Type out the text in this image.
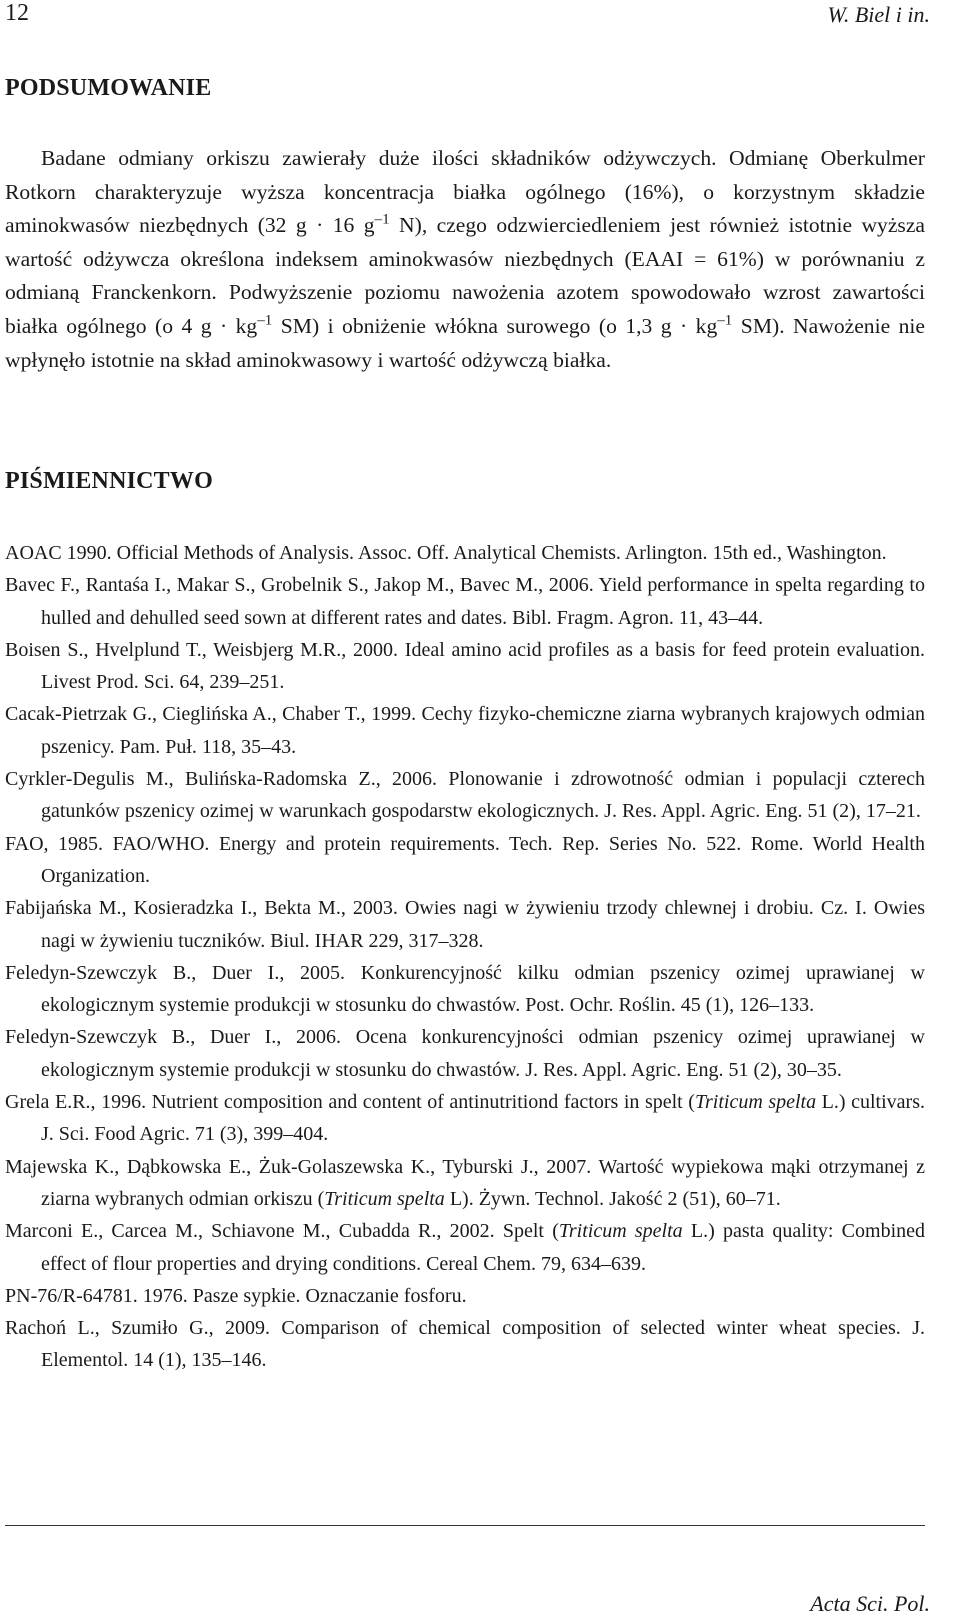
12	W. Biel i in.
PODSUMOWANIE
Badane odmiany orkiszu zawierały duże ilości składników odżywczych. Odmianę Oberkulmer Rotkorn charakteryzuje wyższa koncentracja białka ogólnego (16%), o korzystnym składzie aminokwasów niezbędnych (32 g · 16 $g^{-1}$ N), czego odzwierciedleniem jest również istotnie wyższa wartość odżywcza określona indeksem aminokwasów niezbędnych (EAAI = 61%) w porównaniu z odmianą Franckenkorn. Podwyższenie poziomu nawożenia azotem spowodowało wzrost zawartości białka ogólnego (o 4 $g \cdot kg^{-1}$ SM) i obniżenie włókna surowego (o 1,3 $g \cdot kg^{-1}$ SM). Nawożenie nie wpłynęło istotnie na skład aminokwasowy i wartość odżywczą białka.
PIŚMIENNICTWO
AOAC 1990. Official Methods of Analysis. Assoc. Off. Analytical Chemists. Arlington. 15th ed., Washington.
Bavec F., Rantaśa I., Makar S., Grobelnik S., Jakop M., Bavec M., 2006. Yield performance in spelta regarding to hulled and dehulled seed sown at different rates and dates. Bibl. Fragm. Agron. 11, 43–44.
Boisen S., Hvelplund T., Weisbjerg M.R., 2000. Ideal amino acid profiles as a basis for feed protein evaluation. Livest Prod. Sci. 64, 239–251.
Cacak-Pietrzak G., Cieglińska A., Chaber T., 1999. Cechy fizyko-chemiczne ziarna wybranych krajowych odmian pszenicy. Pam. Puł. 118, 35–43.
Cyrkler-Degulis M., Bulińska-Radomska Z., 2006. Plonowanie i zdrowotność odmian i populacji czterech gatunków pszenicy ozimej w warunkach gospodarstw ekologicznych. J. Res. Appl. Agric. Eng. 51 (2), 17–21.
FAO, 1985. FAO/WHO. Energy and protein requirements. Tech. Rep. Series No. 522. Rome. World Health Organization.
Fabijańska M., Kosieradzka I., Bekta M., 2003. Owies nagi w żywieniu trzody chlewnej i drobiu. Cz. I. Owies nagi w żywieniu tuczników. Biul. IHAR 229, 317–328.
Feledyn-Szewczyk B., Duer I., 2005. Konkurencyjność kilku odmian pszenicy ozimej uprawianej w ekologicznym systemie produkcji w stosunku do chwastów. Post. Ochr. Roślin. 45 (1), 126–133.
Feledyn-Szewczyk B., Duer I., 2006. Ocena konkurencyjności odmian pszenicy ozimej uprawianej w ekologicznym systemie produkcji w stosunku do chwastów. J. Res. Appl. Agric. Eng. 51 (2), 30–35.
Grela E.R., 1996. Nutrient composition and content of antinutritiond factors in spelt (Triticum spelta L.) cultivars. J. Sci. Food Agric. 71 (3), 399–404.
Majewska K., Dąbkowska E., Żuk-Golaszewska K., Tyburski J., 2007. Wartość wypiekowa mąki otrzymanej z ziarna wybranych odmian orkiszu (Triticum spelta L). Żywn. Technol. Jakość 2 (51), 60–71.
Marconi E., Carcea M., Schiavone M., Cubadda R., 2002. Spelt (Triticum spelta L.) pasta quality: Combined effect of flour properties and drying conditions. Cereal Chem. 79, 634–639.
PN-76/R-64781. 1976. Pasze sypkie. Oznaczanie fosforu.
Rachoń L., Szumiło G., 2009. Comparison of chemical composition of selected winter wheat species. J. Elementol. 14 (1), 135–146.
Acta Sci. Pol.
